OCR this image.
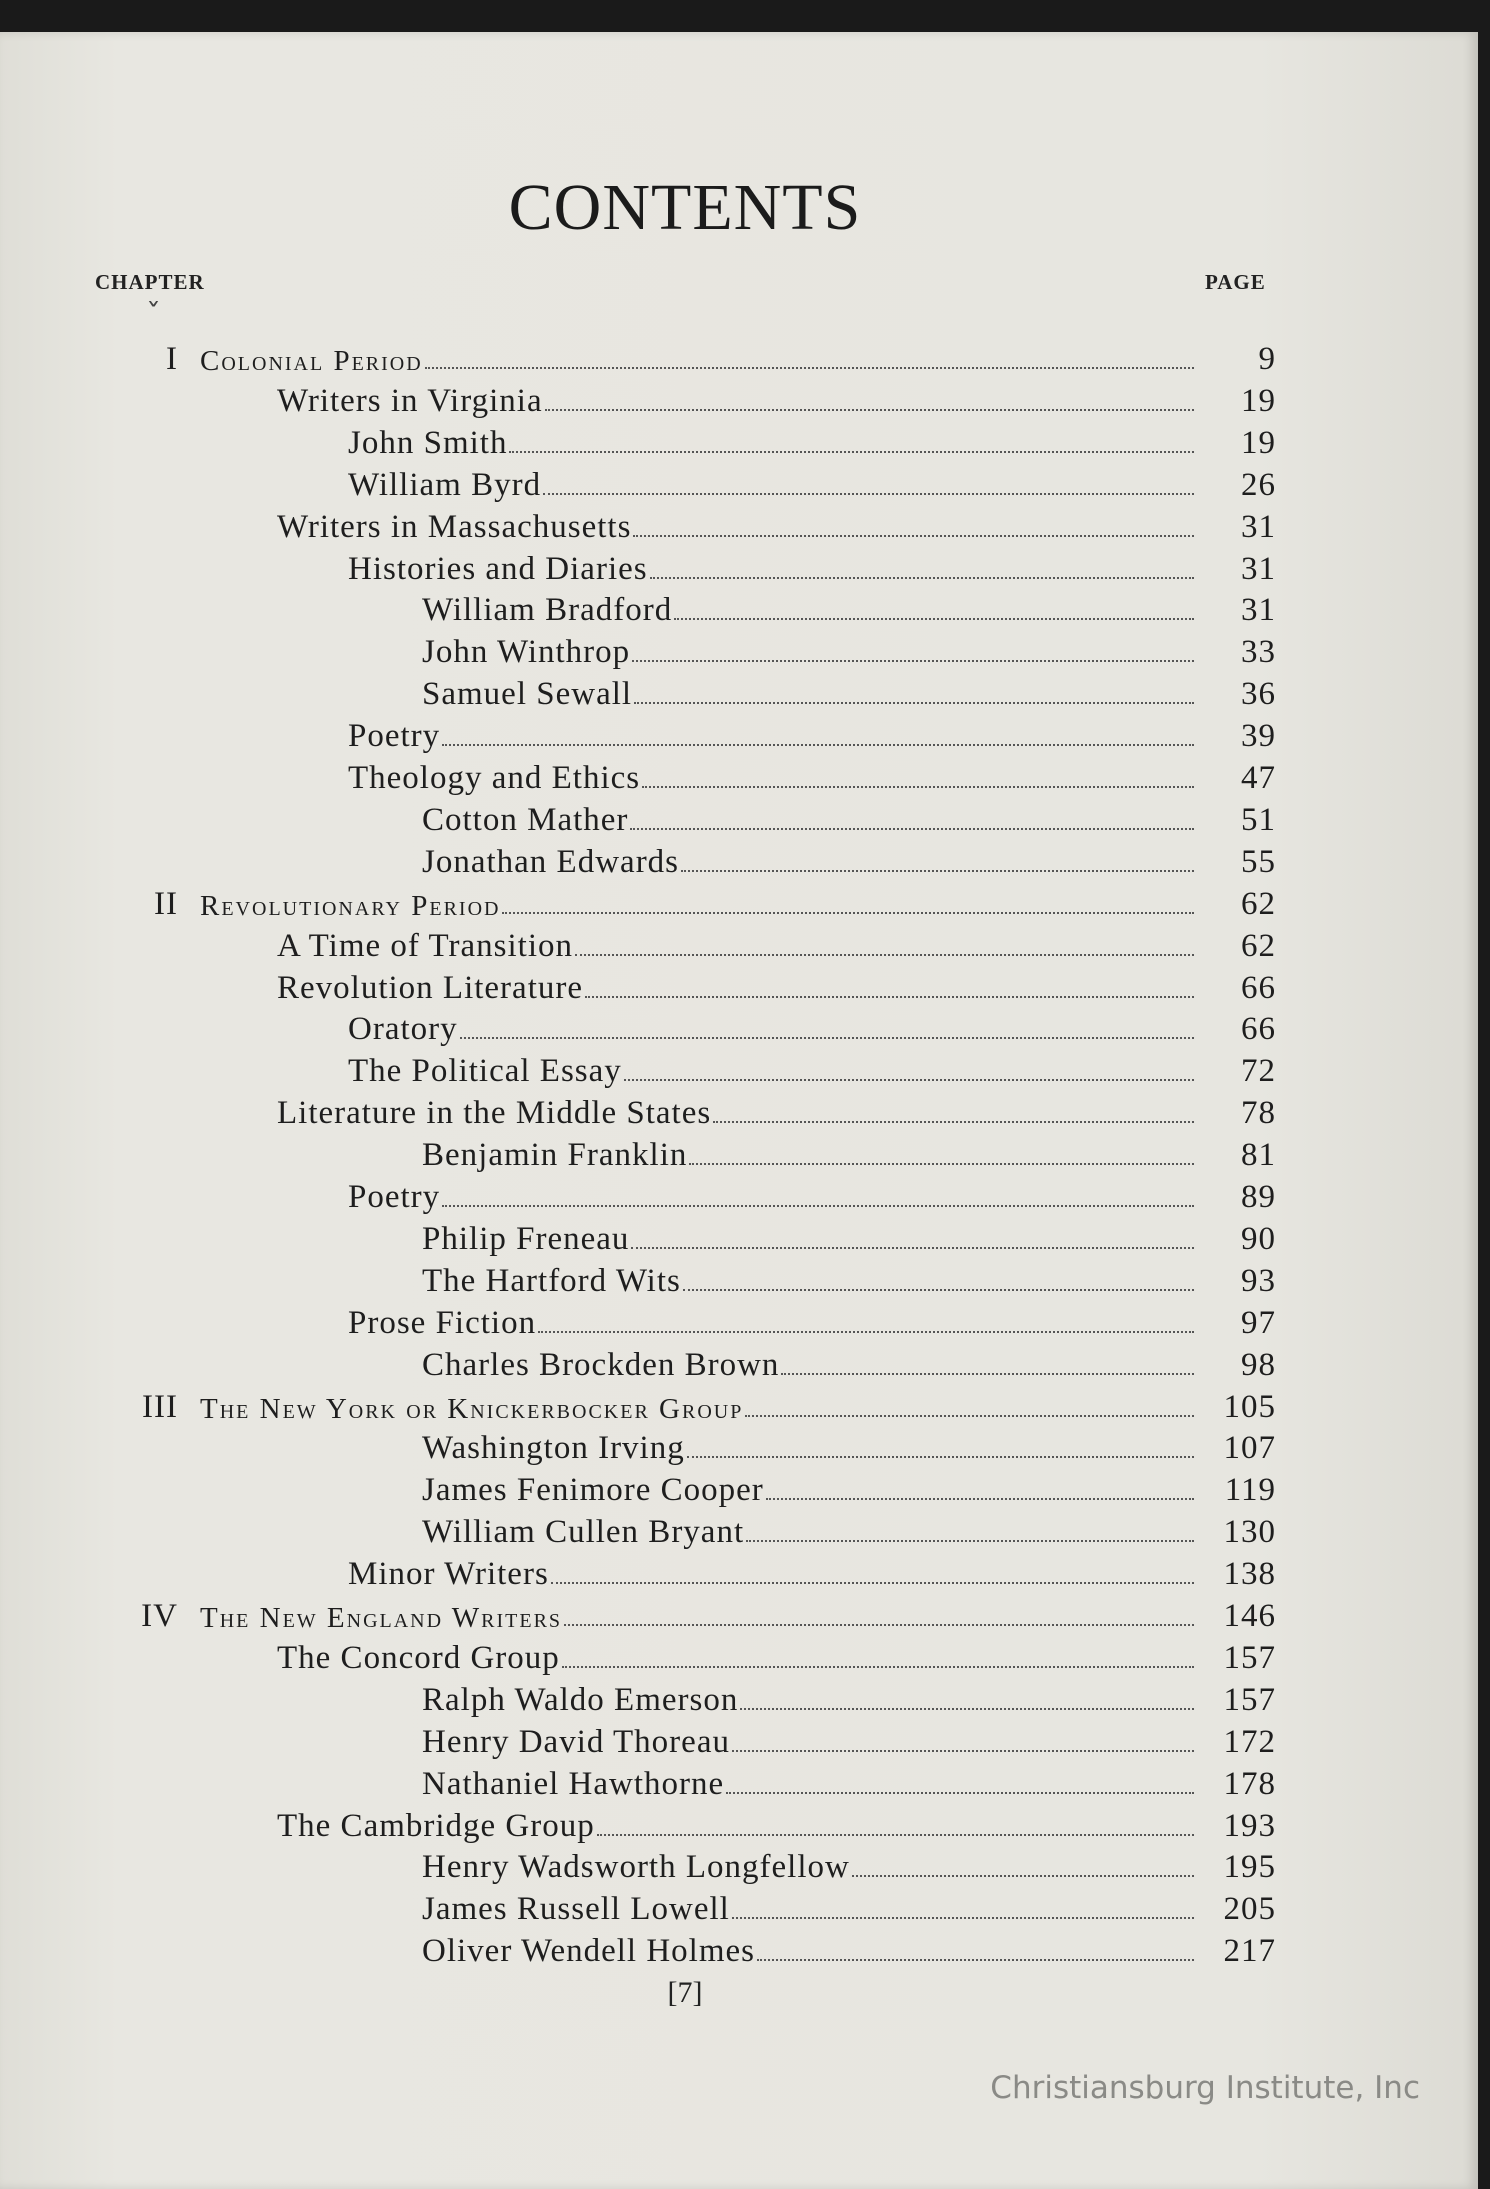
CONTENTS
CHAPTER	PAGE
I Colonial Period	9
Writers in Virginia	19
John Smith	19
William Byrd	26
Writers in Massachusetts	31
Histories and Diaries	31
William Bradford	31
John Winthrop	33
Samuel Sewall	36
Poetry	39
Theology and Ethics	47
Cotton Mather	51
Jonathan Edwards	55
II Revolutionary Period	62
A Time of Transition	62
Revolution Literature	66
Oratory	66
The Political Essay	72
Literature in the Middle States	78
Benjamin Franklin	81
Poetry	89
Philip Freneau	90
The Hartford Wits	93
Prose Fiction	97
Charles Brockden Brown	98
III The New York or Knickerbocker Group	105
Washington Irving	107
James Fenimore Cooper	119
William Cullen Bryant	130
Minor Writers	138
IV The New England Writers	146
The Concord Group	157
Ralph Waldo Emerson	157
Henry David Thoreau	172
Nathaniel Hawthorne	178
The Cambridge Group	193
Henry Wadsworth Longfellow	195
James Russell Lowell	205
Oliver Wendell Holmes	217
ˇ
[7]
Christiansburg Institute, Inc
